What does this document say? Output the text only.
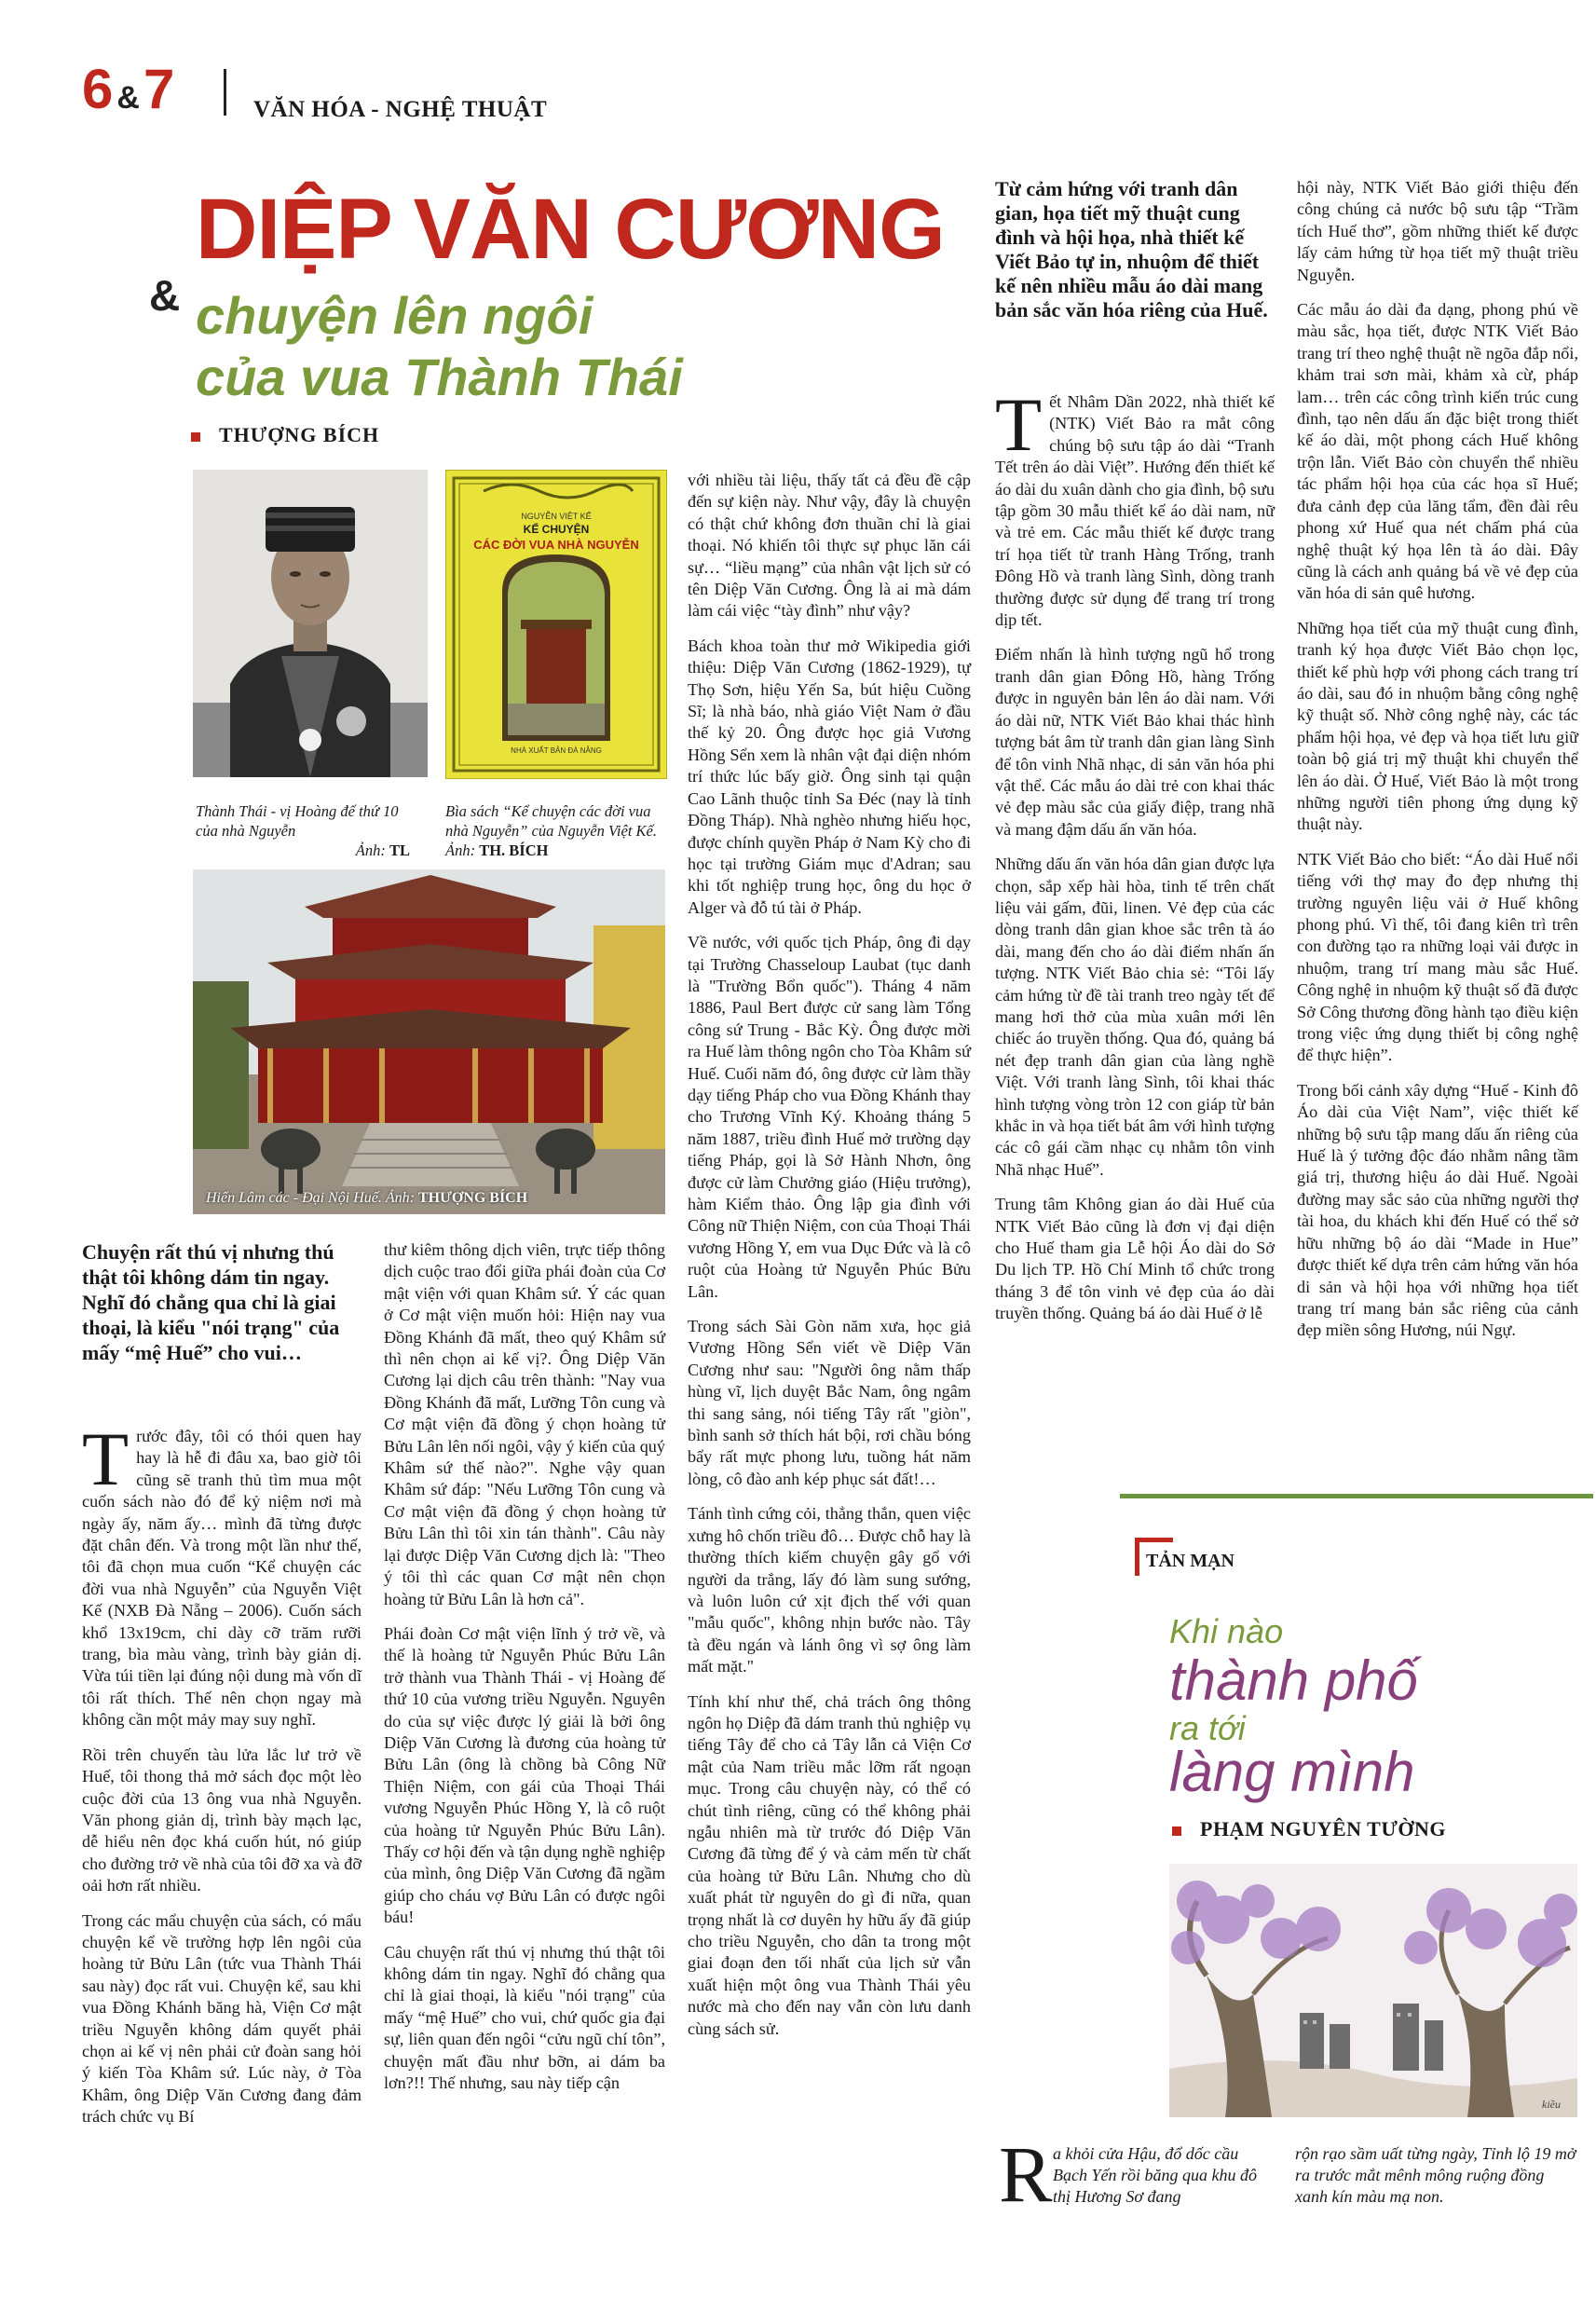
6 &7	VĂN HÓA - NGHỆ THUẬT
DIỆP VĂN CƯƠNG
& chuyện lên ngôi
của vua Thành Thái
THƯỢNG BÍCH
Thành Thái - vị Hoàng đế thứ 10 của nhà Nguyễn
Ảnh: TL
NGUYỄN VIỆT KẾ
KỂ CHUYỆN
CÁC ĐỜI VUA NHÀ NGUYỄN
NHÀ XUẤT BẢN ĐÀ NẴNG
Bìa sách “Kể chuyện các đời vua nhà Nguyễn” của Nguyễn Việt Kế. Ảnh: TH. BÍCH
Hiển Lâm các - Đại Nội Huế. Ảnh: THƯỢNG BÍCH
Chuyện rất thú vị nhưng thú thật tôi không dám tin ngay. Nghĩ đó chẳng qua chỉ là giai thoại, là kiểu "nói trạng" của mấy “mệ Huế” cho vui…

Trước đây, tôi có thói quen hay hay là hễ đi đâu xa, bao giờ tôi cũng sẽ tranh thủ tìm mua một cuốn sách nào đó để kỷ niệm nơi mà ngày ấy, năm ấy… mình đã từng được đặt chân đến. Và trong một lần như thế, tôi đã chọn mua cuốn “Kể chuyện các đời vua nhà Nguyễn” của Nguyễn Việt Kế (NXB Đà Nẵng – 2006). Cuốn sách khổ 13x19cm, chỉ dày cỡ trăm rưỡi trang, bìa màu vàng, trình bày giản dị. Vừa túi tiền lại đúng nội dung mà vốn dĩ tôi rất thích. Thế nên chọn ngay mà không cần một mảy may suy nghĩ.

Rồi trên chuyến tàu lửa lắc lư trở về Huế, tôi thong thả mở sách đọc một lèo cuộc đời của 13 ông vua nhà Nguyễn. Văn phong giản dị, trình bày mạch lạc, dễ hiểu nên đọc khá cuốn hút, nó giúp cho đường trở về nhà của tôi đỡ xa và đỡ oải hơn rất nhiều.

Trong các mẩu chuyện của sách, có mẩu chuyện kể về trường hợp lên ngôi của hoàng tử Bửu Lân (tức vua Thành Thái sau này) đọc rất vui. Chuyện kể, sau khi vua Đồng Khánh băng hà, Viện Cơ mật triều Nguyễn không dám quyết phải chọn ai kế vị nên phải cử đoàn sang hỏi ý kiến Tòa Khâm sứ. Lúc này, ở Tòa Khâm, ông Diệp Văn Cương đang đảm trách chức vụ Bí

thư kiêm thông dịch viên, trực tiếp thông dịch cuộc trao đổi giữa phái đoàn của Cơ mật viện với quan Khâm sứ. Ý các quan ở Cơ mật viện muốn hỏi: Hiện nay vua Đồng Khánh đã mất, theo quý Khâm sứ thì nên chọn ai kế vị?. Ông Diệp Văn Cương lại dịch câu trên thành: "Nay vua Đồng Khánh đã mất, Lưỡng Tôn cung và Cơ mật viện đã đồng ý chọn hoàng tử Bửu Lân lên nối ngôi, vậy ý kiến của quý Khâm sứ thế nào?". Nghe vậy quan Khâm sứ đáp: "Nếu Lưỡng Tôn cung và Cơ mật viện đã đồng ý chọn hoàng tử Bửu Lân thì tôi xin tán thành". Câu này lại được Diệp Văn Cương dịch là: "Theo ý tôi thì các quan Cơ mật nên chọn hoàng tử Bửu Lân là hơn cả".

Phái đoàn Cơ mật viện lĩnh ý trở về, và thế là hoàng tử Nguyễn Phúc Bửu Lân trở thành vua Thành Thái - vị Hoàng đế thứ 10 của vương triều Nguyễn. Nguyên do của sự việc được lý giải là bởi ông Diệp Văn Cương là đương của hoàng tử Bửu Lân (ông là chồng bà Công Nữ Thiện Niệm, con gái của Thoại Thái vương Nguyễn Phúc Hồng Y, là cô ruột của hoàng tử Nguyễn Phúc Bửu Lân). Thấy cơ hội đến và tận dụng nghề nghiệp của mình, ông Diệp Văn Cương đã ngầm giúp cho cháu vợ Bửu Lân có được ngôi báu!

Câu chuyện rất thú vị nhưng thú thật tôi không dám tin ngay. Nghĩ đó chẳng qua chỉ là giai thoại, là kiểu "nói trạng" của mấy “mệ Huế” cho vui, chứ quốc gia đại sự, liên quan đến ngôi “cửu ngũ chí tôn”, chuyện mất đầu như bỡn, ai dám ba lơn?!! Thế nhưng, sau này tiếp cận

với nhiều tài liệu, thấy tất cả đều đề cập đến sự kiện này. Như vậy, đây là chuyện có thật chứ không đơn thuần chỉ là giai thoại. Nó khiến tôi thực sự phục lăn cái sự… “liều mạng” của nhân vật lịch sử có tên Diệp Văn Cương. Ông là ai mà dám làm cái việc “tày đình” như vậy?

Bách khoa toàn thư mở Wikipedia giới thiệu: Diệp Văn Cương (1862-1929), tự Thọ Sơn, hiệu Yến Sa, bút hiệu Cuồng Sĩ; là nhà báo, nhà giáo Việt Nam ở đầu thế kỷ 20. Ông được học giả Vương Hồng Sển xem là nhân vật đại diện nhóm trí thức lúc bấy giờ. Ông sinh tại quận Cao Lãnh thuộc tỉnh Sa Đéc (nay là tỉnh Đồng Tháp). Nhà nghèo nhưng hiếu học, được chính quyền Pháp ở Nam Kỳ cho đi học tại trường Giám mục d'Adran; sau khi tốt nghiệp trung học, ông du học ở Alger và đỗ tú tài ở Pháp.

Về nước, với quốc tịch Pháp, ông đi dạy tại Trường Chasseloup Laubat (tục danh là "Trường Bổn quốc"). Tháng 4 năm 1886, Paul Bert được cử sang làm Tổng công sứ Trung - Bắc Kỳ. Ông được mời ra Huế làm thông ngôn cho Tòa Khâm sứ Huế. Cuối năm đó, ông được cử làm thầy dạy tiếng Pháp cho vua Đồng Khánh thay cho Trương Vĩnh Ký. Khoảng tháng 5 năm 1887, triều đình Huế mở trường dạy tiếng Pháp, gọi là Sở Hành Nhơn, ông được cử làm Chưởng giáo (Hiệu trưởng), hàm Kiểm thảo. Ông lập gia đình với Công nữ Thiện Niệm, con của Thoại Thái vương Hồng Y, em vua Dục Đức và là cô ruột của Hoàng tử Nguyễn Phúc Bửu Lân.

Trong sách Sài Gòn năm xưa, học giả Vương Hồng Sển viết về Diệp Văn Cương như sau: "Người ông nằm thấp hùng vĩ, lịch duyệt Bắc Nam, ông ngâm thi sang sảng, nói tiếng Tây rất "giòn", bình sanh sở thích hát bội, rơi chầu bóng bẩy rất mực phong lưu, tuồng hát năm lòng, cô đào anh kép phục sát đất!…

Tánh tình cứng cỏi, thẳng thắn, quen việc xưng hô chốn triều đô… Được chỗ hay là thường thích kiếm chuyện gây gổ với người da trắng, lấy đó làm sung sướng, và luôn luôn cứ xịt địch thế với quan "mẫu quốc", không nhịn bước nào. Tây tà đều ngán và lánh ông vì sợ ông làm mất mặt."

Tính khí như thế, chả trách ông thông ngôn họ Diệp đã dám tranh thủ nghiệp vụ tiếng Tây để cho cả Tây lẫn cả Viện Cơ mật của Nam triều mắc lỡm rất ngoạn mục. Trong câu chuyện này, có thể có chút tình riêng, cũng có thể không phải ngẫu nhiên mà từ trước đó Diệp Văn Cương đã từng để ý và cảm mến từ chất của hoàng tử Bửu Lân. Nhưng cho dù xuất phát từ nguyên do gì đi nữa, quan trọng nhất là cơ duyên hy hữu ấy đã giúp cho triều Nguyễn, cho dân ta trong một giai đoạn đen tối nhất của lịch sử vẫn xuất hiện một ông vua Thành Thái yêu nước mà cho đến nay vẫn còn lưu danh cùng sách sử.

Từ cảm hứng với tranh dân gian, họa tiết mỹ thuật cung đình và hội họa, nhà thiết kế Viết Bảo tự in, nhuộm để thiết kế nên nhiều mẫu áo dài mang bản sắc văn hóa riêng của Huế.

Tết Nhâm Dần 2022, nhà thiết kế (NTK) Viết Bảo ra mắt công chúng bộ sưu tập áo dài “Tranh Tết trên áo dài Việt”. Hướng đến thiết kế áo dài du xuân dành cho gia đình, bộ sưu tập gồm 30 mẫu thiết kế áo dài nam, nữ và trẻ em. Các mẫu thiết kế được trang trí họa tiết từ tranh Hàng Trống, tranh Đông Hồ và tranh làng Sình, dòng tranh thường được sử dụng để trang trí trong dịp tết.

Điểm nhấn là hình tượng ngũ hổ trong tranh dân gian Đông Hồ, hàng Trống được in nguyên bản lên áo dài nam. Với áo dài nữ, NTK Viết Bảo khai thác hình tượng bát âm từ tranh dân gian làng Sình để tôn vinh Nhã nhạc, di sản văn hóa phi vật thể. Các mẫu áo dài trẻ con khai thác vẻ đẹp màu sắc của giấy điệp, trang nhã và mang đậm dấu ấn văn hóa.

Những dấu ấn văn hóa dân gian được lựa chọn, sắp xếp hài hòa, tinh tế trên chất liệu vải gấm, đũi, linen. Vẻ đẹp của các dòng tranh dân gian khoe sắc trên tà áo dài, mang đến cho áo dài điểm nhấn ấn tượng. NTK Viết Bảo chia sẻ: “Tôi lấy cảm hứng từ đề tài tranh treo ngày tết để mang hơi thở của mùa xuân mới lên chiếc áo truyền thống. Qua đó, quảng bá nét đẹp tranh dân gian của làng nghề Việt. Với tranh làng Sình, tôi khai thác hình tượng vòng tròn 12 con giáp từ bản khắc in và họa tiết bát âm với hình tượng các cô gái cầm nhạc cụ nhằm tôn vinh Nhã nhạc Huế”.

Trung tâm Không gian áo dài Huế của NTK Viết Bảo cũng là đơn vị đại diện cho Huế tham gia Lễ hội Áo dài do Sở Du lịch TP. Hồ Chí Minh tổ chức trong tháng 3 để tôn vinh vẻ đẹp của áo dài truyền thống. Quảng bá áo dài Huế ở lễ

hội này, NTK Viết Bảo giới thiệu đến công chúng cả nước bộ sưu tập “Trầm tích Huế thơ”, gồm những thiết kế được lấy cảm hứng từ họa tiết mỹ thuật triều Nguyễn.

Các mẫu áo dài đa dạng, phong phú về màu sắc, họa tiết, được NTK Viết Bảo trang trí theo nghệ thuật nề ngõa đắp nổi, khảm trai sơn mài, khảm xà cừ, pháp lam… trên các công trình kiến trúc cung đình, tạo nên dấu ấn đặc biệt trong thiết kế áo dài, một phong cách Huế không trộn lẫn. Viết Bảo còn chuyển thể nhiều tác phẩm hội họa của các họa sĩ Huế; đưa cảnh đẹp của lăng tẩm, đền đài rêu phong xứ Huế qua nét chấm phá của nghệ thuật ký họa lên tà áo dài. Đây cũng là cách anh quảng bá về vẻ đẹp của văn hóa di sản quê hương.

Những họa tiết của mỹ thuật cung đình, tranh ký họa được Viết Bảo chọn lọc, thiết kế phù hợp với phong cách trang trí áo dài, sau đó in nhuộm bằng công nghệ kỹ thuật số. Nhờ công nghệ này, các tác phẩm hội họa, vẻ đẹp và họa tiết lưu giữ toàn bộ giá trị mỹ thuật khi chuyển thể lên áo dài. Ở Huế, Viết Bảo là một trong những người tiên phong ứng dụng kỹ thuật này.

NTK Viết Bảo cho biết: “Áo dài Huế nổi tiếng với thợ may đo đẹp nhưng thị trường nguyên liệu vải ở Huế không phong phú. Vì thế, tôi đang kiên trì trên con đường tạo ra những loại vải được in nhuộm, trang trí mang màu sắc Huế. Công nghệ in nhuộm kỹ thuật số đã được Sở Công thương đồng hành tạo điều kiện trong việc ứng dụng thiết bị công nghệ để thực hiện”.

Trong bối cảnh xây dựng “Huế - Kinh đô Áo dài của Việt Nam”, việc thiết kế những bộ sưu tập mang dấu ấn riêng của Huế là ý tưởng độc đáo nhằm nâng tầm giá trị, thương hiệu áo dài Huế. Ngoài đường may sắc sảo của những người thợ tài hoa, du khách khi đến Huế có thể sở hữu những bộ áo dài “Made in Hue” được thiết kế dựa trên cảm hứng văn hóa di sản và hội họa với những họa tiết trang trí mang bản sắc riêng của cảnh đẹp miền sông Hương, núi Ngự.

TẢN MẠN
Khi nào
thành phố
ra tới
làng mình
PHẠM NGUYÊN TƯỜNG
kiều
R a khỏi cửa Hậu, đổ dốc cầu Bạch Yến rồi băng qua khu đô thị Hương Sơ đang
rộn rạo sầm uất từng ngày, Tỉnh lộ 19 mở ra trước mắt mênh mông ruộng đồng xanh kín màu mạ non.
